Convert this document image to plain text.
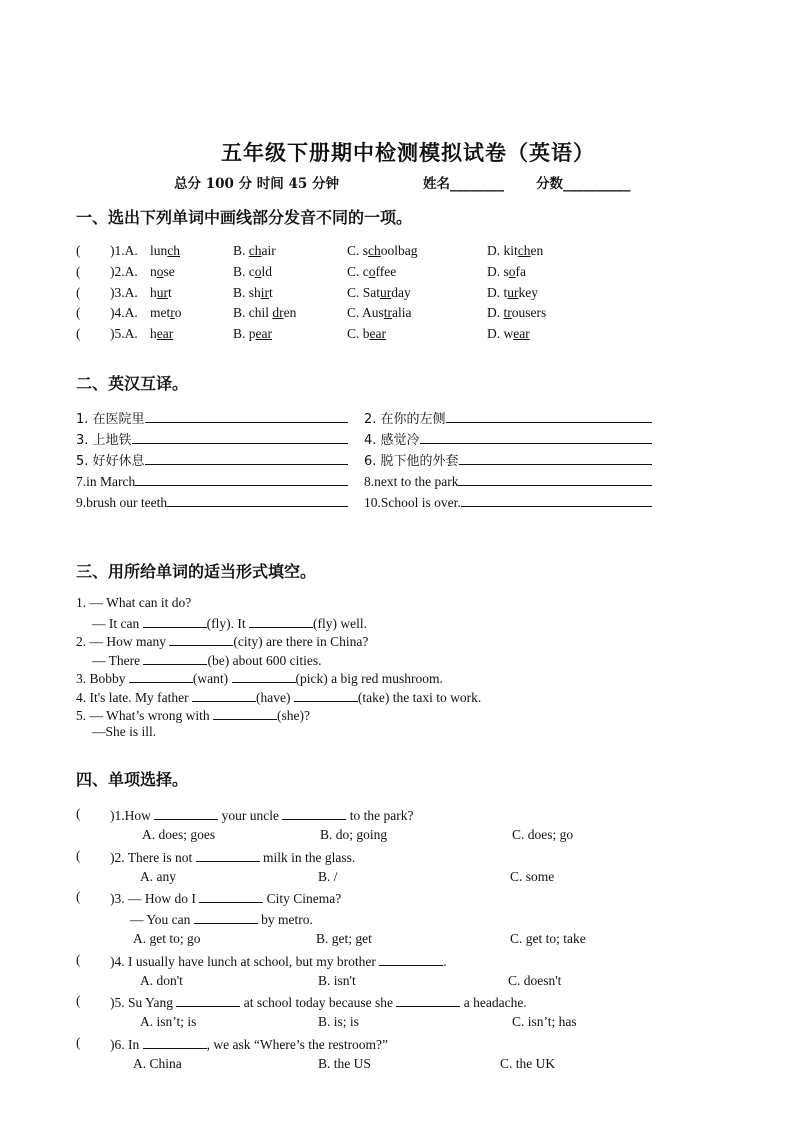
五年级下册期中检测模拟试卷（英语）
总分 100 分 时间 45 分钟	姓名________ 分数__________
一、选出下列单词中画线部分发音不同的一项。
二、英汉互译。
三、用所给单词的适当形式填空。
四、单项选择。
( )1.A. lunch	B. chair	C. schoolbag	D. kitchen
( )2.A. nose	B. cold	C. coffee	D. sofa
( )3.A. hurt	B. shirt	C. Saturday	D. turkey
( )4.A. metro	B. chil dren	C. Australia	D. trousers
( )5.A. hear	B. pear	C. bear	D. wear
1. 在医院里	2. 在你的左侧
3. 上地铁	4. 感觉冷
5. 好好休息	6. 脱下他的外套
7.in March	8.next to the park
9.brush our teeth	10.School is over.
1. — What can it do?
— It can	(fly). It	(fly) well.
2. — How many	(city) are there in China?
— There	(be) about 600 cities.
3. Bobby	(want)	(pick) a big red mushroom.
4. It's late. My father	(have)	(take) the taxi to work.
5. — What’s wrong with	(she)?
—She is ill.
( )1.How	your uncle	to the park?
A. does; goes	B. do; going	C. does; go
( )2. There is not	milk in the glass.
A. any	B. /	C. some
( )3. — How do I	City Cinema?
— You can	by metro.
A. get to; go	B. get; get	C. get to; take
( )4. I usually have lunch at school, but my brother	.
A. don't	B. isn't	C. doesn't
( )5. Su Yang	at school today because she	a headache.
A. isn’t; is	B. is; is	C. isn’t; has
( )6. In	, we ask “Where’s the restroom?”
A. China	B. the US	C. the UK
